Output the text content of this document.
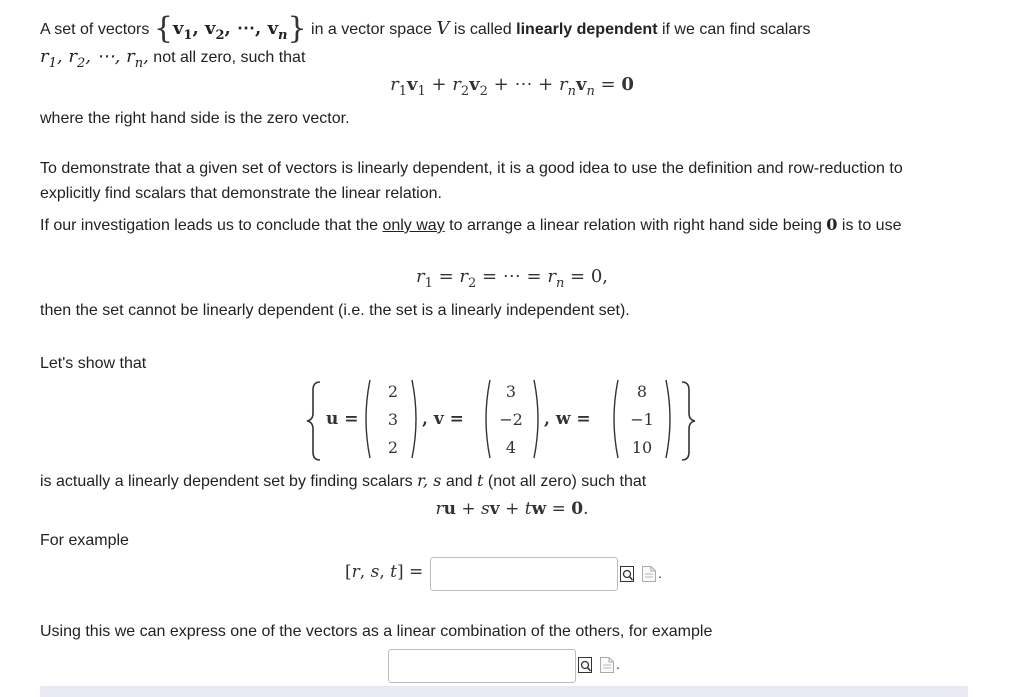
A set of vectors {$v_1$, $v_2$, ⋯, $v_n$} in a vector space V is called linearly dependent if we can find scalars

$r_1$, $r_2$, ⋯, $r_n$, not all zero, such that

$r_1v_1 + r_2v_2$ + ⋯ + $r_nv_n = 0$

where the right hand side is the zero vector.

To demonstrate that a given set of vectors is linearly dependent, it is a good idea to use the definition and row-reduction to explicitly find scalars that demonstrate the linear relation.

If our investigation leads us to conclude that the only way to arrange a linear relation with right hand side being 0 is to use

$r_1 = r_2$ = ⋯ = $r_n = 0$,

then the set cannot be linearly dependent (i.e. the set is a linearly independent set).

Let's show that

u =
2
3
2
, v =
3
−2
4
, w =
8
−1
10

is actually a linearly dependent set by finding scalars r, s and t (not all zero) such that

ru + sv + tw = 0.

For example

[r, s, t] =	.

Using this we can express one of the vectors as a linear combination of the others, for example

.
